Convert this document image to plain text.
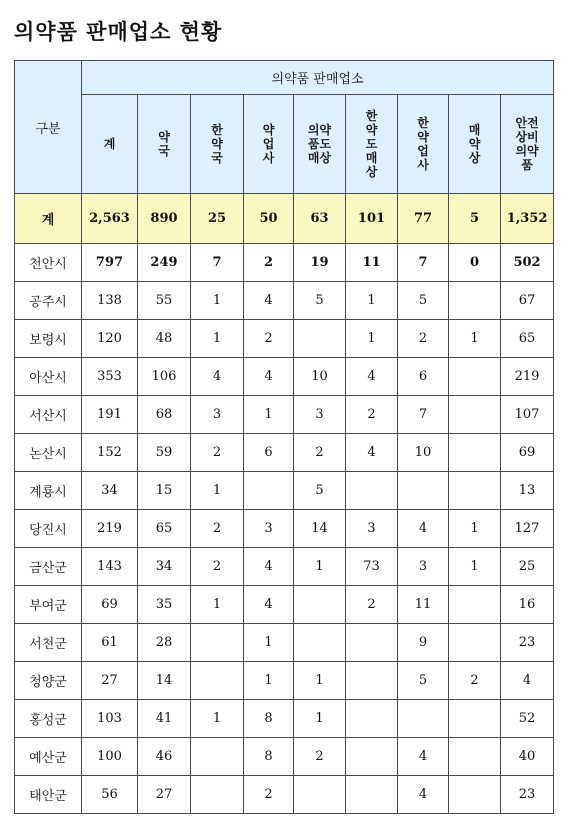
의약품 판매업소 현황
구분	의약품 판매업소								
	계	약국	한약국	약업사	의약품도매상	한약도매상	한약업사	매약상	안전상비의약품
계	2,563	890	25	50	63	101	77	5	1,352
천안시	797	249	7	2	19	11	7	0	502
공주시	138	55	1	4	5	1	5		67
보령시	120	48	1	2		1	2	1	65
아산시	353	106	4	4	10	4	6		219
서산시	191	68	3	1	3	2	7		107
논산시	152	59	2	6	2	4	10		69
계룡시	34	15	1		5				13
당진시	219	65	2	3	14	3	4	1	127
금산군	143	34	2	4	1	73	3	1	25
부여군	69	35	1	4		2	11		16
서천군	61	28		1			9		23
청양군	27	14		1	1		5	2	4
홍성군	103	41	1	8	1				52
예산군	100	46		8	2		4		40
태안군	56	27		2			4		23
